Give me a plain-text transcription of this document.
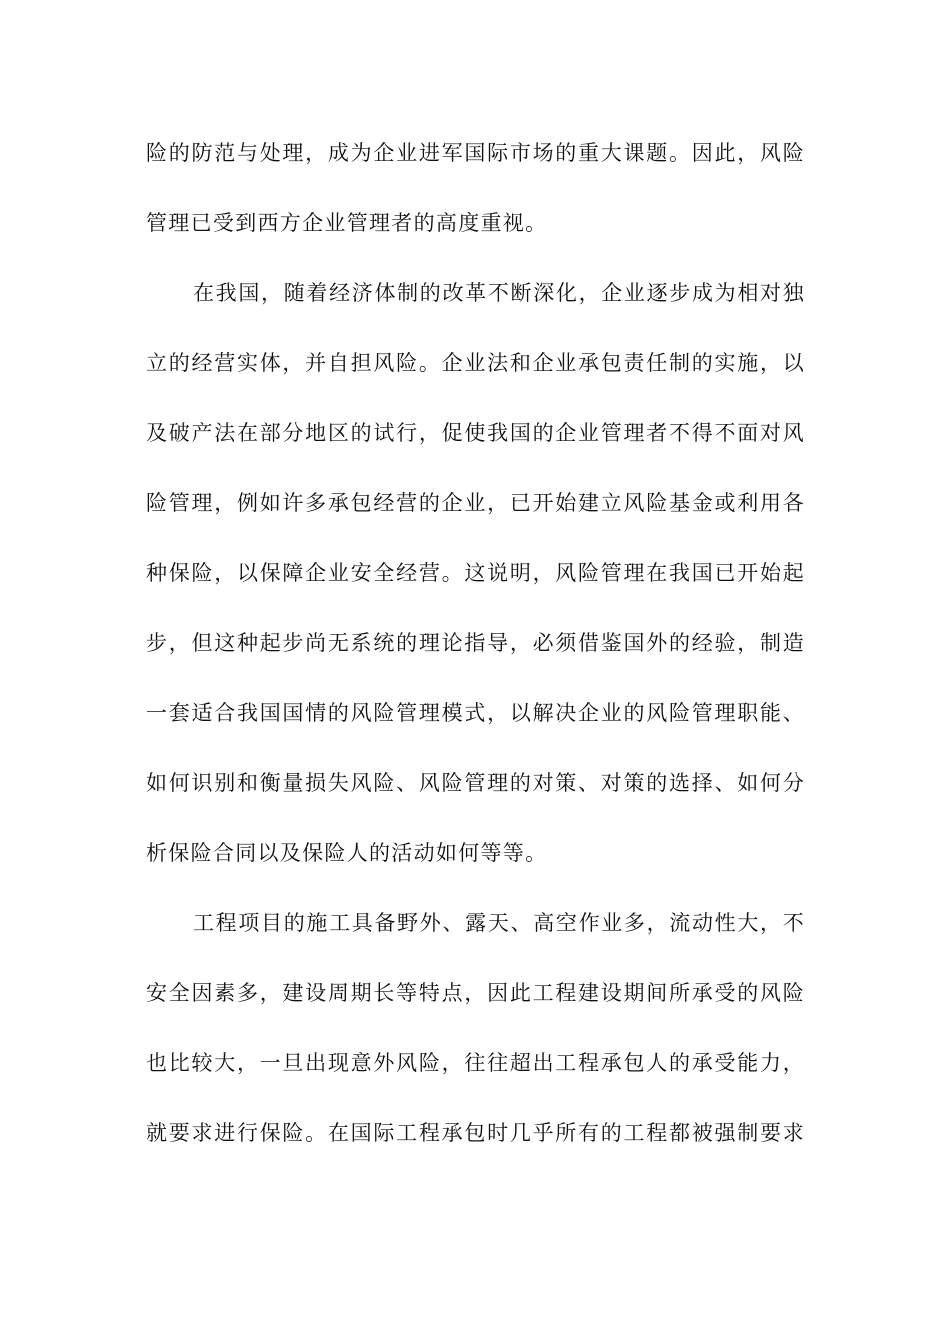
险的防范与处理，成为企业进军国际市场的重大课题。因此，风险
管理已受到西方企业管理者的高度重视。
在我国，随着经济体制的改革不断深化，企业逐步成为相对独
立的经营实体，并自担风险。企业法和企业承包责任制的实施，以
及破产法在部分地区的试行，促使我国的企业管理者不得不面对风
险管理，例如许多承包经营的企业，已开始建立风险基金或利用各
种保险，以保障企业安全经营。这说明，风险管理在我国已开始起
步，但这种起步尚无系统的理论指导，必须借鉴国外的经验，制造
一套适合我国国情的风险管理模式，以解决企业的风险管理职能、
如何识别和衡量损失风险、风险管理的对策、对策的选择、如何分
析保险合同以及保险人的活动如何等等。
工程项目的施工具备野外、露天、高空作业多，流动性大，不
安全因素多，建设周期长等特点，因此工程建设期间所承受的风险
也比较大，一旦出现意外风险，往往超出工程承包人的承受能力，
就要求进行保险。在国际工程承包时几乎所有的工程都被强制要求
